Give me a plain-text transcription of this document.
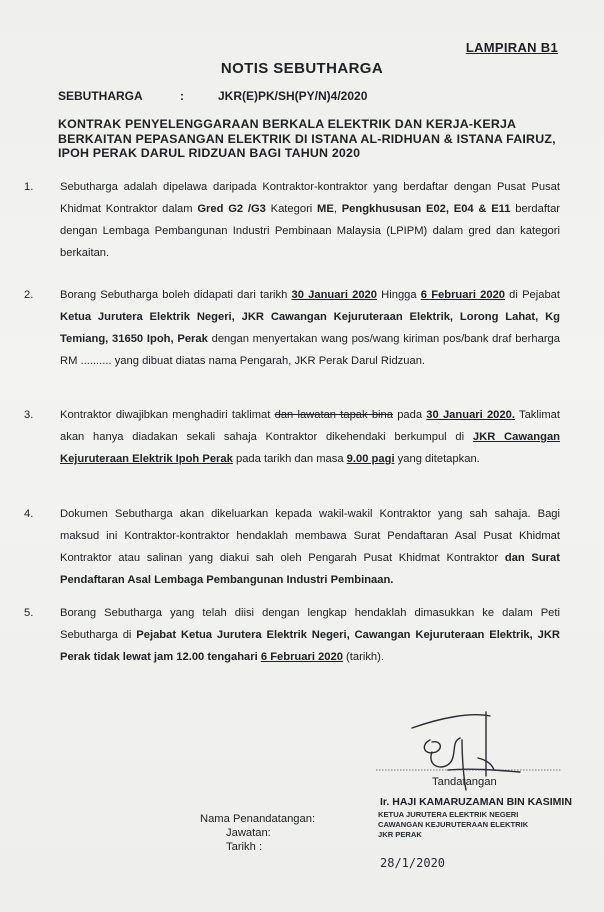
LAMPIRAN B1
NOTIS SEBUTHARGA
SEBUTHARGA	:	JKR(E)PK/SH(PY/N)4/2020
KONTRAK PENYELENGGARAAN BERKALA ELEKTRIK DAN KERJA-KERJA BERKAITAN PEPASANGAN ELEKTRIK DI ISTANA AL-RIDHUAN & ISTANA FAIRUZ, IPOH PERAK DARUL RIDZUAN BAGI TAHUN 2020
1. Sebutharga adalah dipelawa daripada Kontraktor-kontraktor yang berdaftar dengan Pusat Pusat Khidmat Kontraktor dalam Gred G2 /G3 Kategori ME, Pengkhususan E02, E04 & E11 berdaftar dengan Lembaga Pembangunan Industri Pembinaan Malaysia (LPIPM) dalam gred dan kategori berkaitan.
2. Borang Sebutharga boleh didapati dari tarikh 30 Januari 2020 Hingga 6 Februari 2020 di Pejabat Ketua Jurutera Elektrik Negeri, JKR Cawangan Kejuruteraan Elektrik, Lorong Lahat, Kg Temiang, 31650 Ipoh, Perak dengan menyertakan wang pos/wang kiriman pos/bank draf berharga RM .......... yang dibuat diatas nama Pengarah, JKR Perak Darul Ridzuan.
3. Kontraktor diwajibkan menghadiri taklimat dan lawatan tapak bina pada 30 Januari 2020. Taklimat akan hanya diadakan sekali sahaja Kontraktor dikehendaki berkumpul di JKR Cawangan Kejuruteraan Elektrik Ipoh Perak pada tarikh dan masa 9.00 pagi yang ditetapkan.
4. Dokumen Sebutharga akan dikeluarkan kepada wakil-wakil Kontraktor yang sah sahaja. Bagi maksud ini Kontraktor-kontraktor hendaklah membawa Surat Pendaftaran Asal Pusat Khidmat Kontraktor atau salinan yang diakui sah oleh Pengarah Pusat Khidmat Kontraktor dan Surat Pendaftaran Asal Lembaga Pembangunan Industri Pembinaan.
5. Borang Sebutharga yang telah diisi dengan lengkap hendaklah dimasukkan ke dalam Peti Sebutharga di Pejabat Ketua Jurutera Elektrik Negeri, Cawangan Kejuruteraan Elektrik, JKR Perak tidak lewat jam 12.00 tengahari 6 Februari 2020 (tarikh).
Tandatangan
Ir. HAJI KAMARUZAMAN BIN KASIMIN
KETUA JURUTERA ELEKTRIK NEGERI
CAWANGAN KEJURUTERAAN ELEKTRIK
JKR PERAK
Nama Penandatangan:
Jawatan:
Tarikh :
28/1/2020
